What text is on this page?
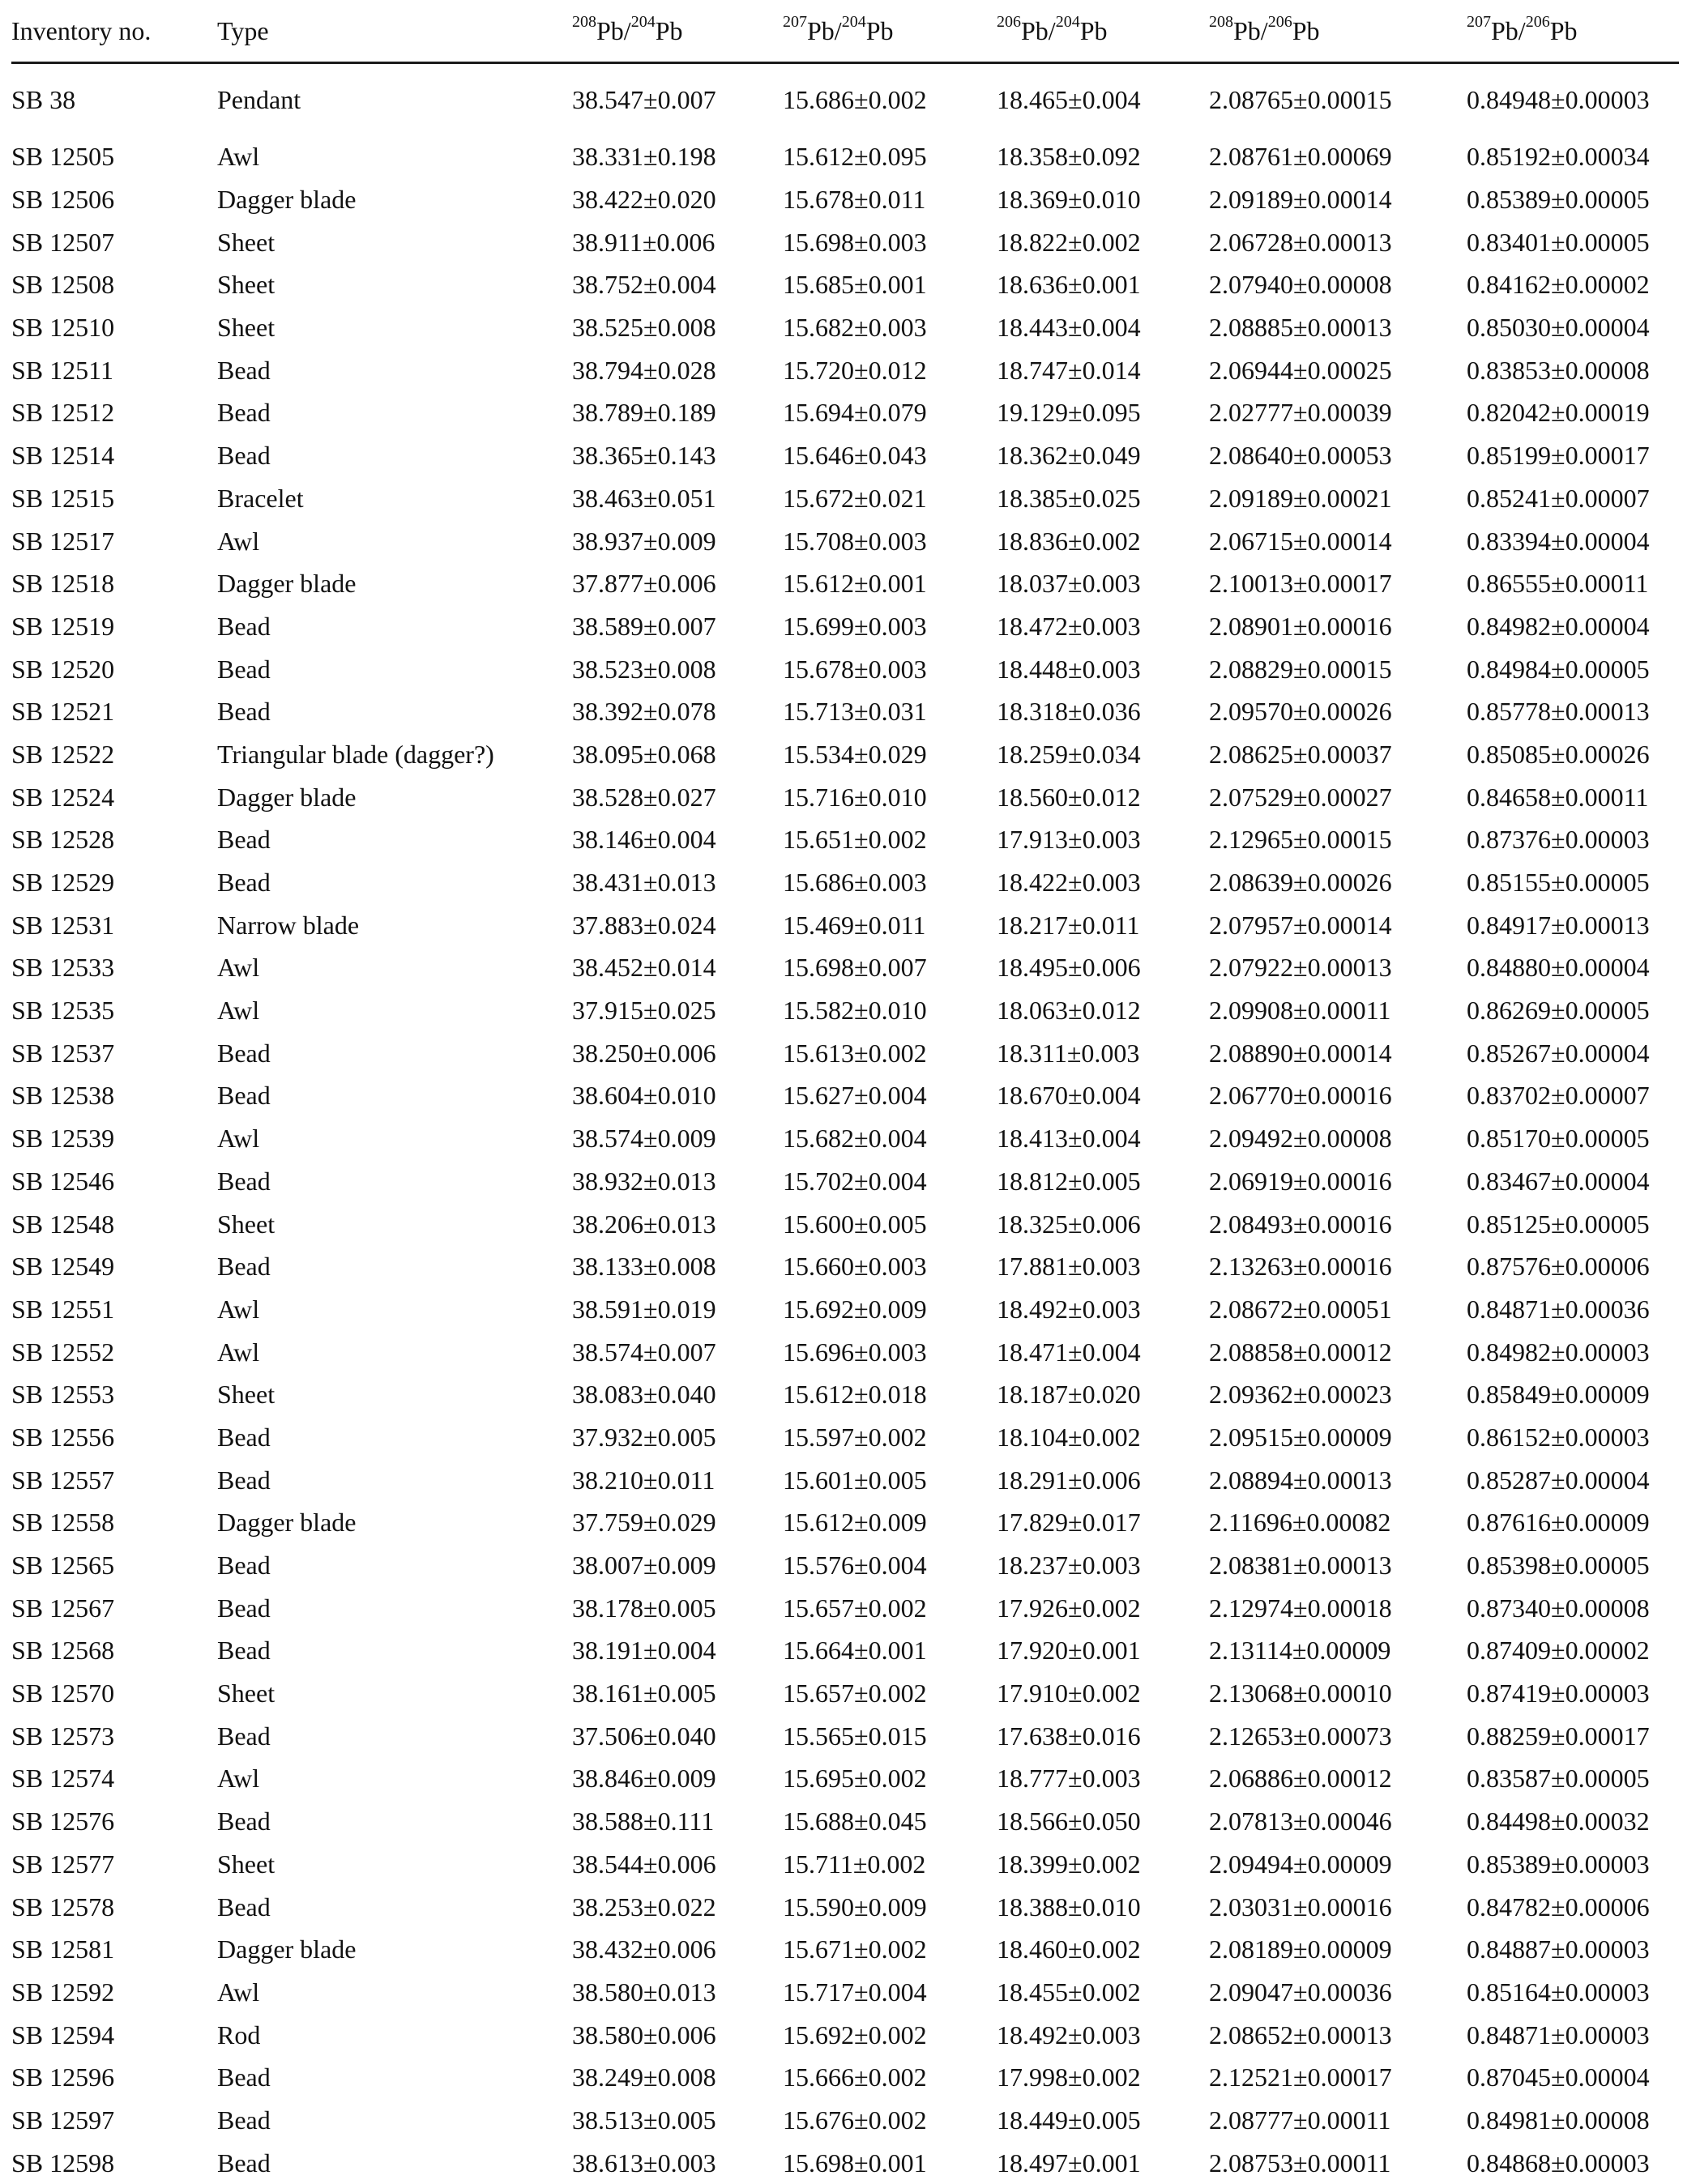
Inventory no.	Type	$^{208}$Pb/$^{204}$Pb	$^{207}$Pb/$^{204}$Pb	$^{206}$Pb/$^{204}$Pb	$^{208}$Pb/$^{206}$Pb	$^{207}$Pb/$^{206}$Pb
SB 38	Pendant	38.547±0.007	15.686±0.002	18.465±0.004	2.08765±0.00015	0.84948±0.00003
SB 12505	Awl	38.331±0.198	15.612±0.095	18.358±0.092	2.08761±0.00069	0.85192±0.00034
SB 12506	Dagger blade	38.422±0.020	15.678±0.011	18.369±0.010	2.09189±0.00014	0.85389±0.00005
SB 12507	Sheet	38.911±0.006	15.698±0.003	18.822±0.002	2.06728±0.00013	0.83401±0.00005
SB 12508	Sheet	38.752±0.004	15.685±0.001	18.636±0.001	2.07940±0.00008	0.84162±0.00002
SB 12510	Sheet	38.525±0.008	15.682±0.003	18.443±0.004	2.08885±0.00013	0.85030±0.00004
SB 12511	Bead	38.794±0.028	15.720±0.012	18.747±0.014	2.06944±0.00025	0.83853±0.00008
SB 12512	Bead	38.789±0.189	15.694±0.079	19.129±0.095	2.02777±0.00039	0.82042±0.00019
SB 12514	Bead	38.365±0.143	15.646±0.043	18.362±0.049	2.08640±0.00053	0.85199±0.00017
SB 12515	Bracelet	38.463±0.051	15.672±0.021	18.385±0.025	2.09189±0.00021	0.85241±0.00007
SB 12517	Awl	38.937±0.009	15.708±0.003	18.836±0.002	2.06715±0.00014	0.83394±0.00004
SB 12518	Dagger blade	37.877±0.006	15.612±0.001	18.037±0.003	2.10013±0.00017	0.86555±0.00011
SB 12519	Bead	38.589±0.007	15.699±0.003	18.472±0.003	2.08901±0.00016	0.84982±0.00004
SB 12520	Bead	38.523±0.008	15.678±0.003	18.448±0.003	2.08829±0.00015	0.84984±0.00005
SB 12521	Bead	38.392±0.078	15.713±0.031	18.318±0.036	2.09570±0.00026	0.85778±0.00013
SB 12522	Triangular blade (dagger?)	38.095±0.068	15.534±0.029	18.259±0.034	2.08625±0.00037	0.85085±0.00026
SB 12524	Dagger blade	38.528±0.027	15.716±0.010	18.560±0.012	2.07529±0.00027	0.84658±0.00011
SB 12528	Bead	38.146±0.004	15.651±0.002	17.913±0.003	2.12965±0.00015	0.87376±0.00003
SB 12529	Bead	38.431±0.013	15.686±0.003	18.422±0.003	2.08639±0.00026	0.85155±0.00005
SB 12531	Narrow blade	37.883±0.024	15.469±0.011	18.217±0.011	2.07957±0.00014	0.84917±0.00013
SB 12533	Awl	38.452±0.014	15.698±0.007	18.495±0.006	2.07922±0.00013	0.84880±0.00004
SB 12535	Awl	37.915±0.025	15.582±0.010	18.063±0.012	2.09908±0.00011	0.86269±0.00005
SB 12537	Bead	38.250±0.006	15.613±0.002	18.311±0.003	2.08890±0.00014	0.85267±0.00004
SB 12538	Bead	38.604±0.010	15.627±0.004	18.670±0.004	2.06770±0.00016	0.83702±0.00007
SB 12539	Awl	38.574±0.009	15.682±0.004	18.413±0.004	2.09492±0.00008	0.85170±0.00005
SB 12546	Bead	38.932±0.013	15.702±0.004	18.812±0.005	2.06919±0.00016	0.83467±0.00004
SB 12548	Sheet	38.206±0.013	15.600±0.005	18.325±0.006	2.08493±0.00016	0.85125±0.00005
SB 12549	Bead	38.133±0.008	15.660±0.003	17.881±0.003	2.13263±0.00016	0.87576±0.00006
SB 12551	Awl	38.591±0.019	15.692±0.009	18.492±0.003	2.08672±0.00051	0.84871±0.00036
SB 12552	Awl	38.574±0.007	15.696±0.003	18.471±0.004	2.08858±0.00012	0.84982±0.00003
SB 12553	Sheet	38.083±0.040	15.612±0.018	18.187±0.020	2.09362±0.00023	0.85849±0.00009
SB 12556	Bead	37.932±0.005	15.597±0.002	18.104±0.002	2.09515±0.00009	0.86152±0.00003
SB 12557	Bead	38.210±0.011	15.601±0.005	18.291±0.006	2.08894±0.00013	0.85287±0.00004
SB 12558	Dagger blade	37.759±0.029	15.612±0.009	17.829±0.017	2.11696±0.00082	0.87616±0.00009
SB 12565	Bead	38.007±0.009	15.576±0.004	18.237±0.003	2.08381±0.00013	0.85398±0.00005
SB 12567	Bead	38.178±0.005	15.657±0.002	17.926±0.002	2.12974±0.00018	0.87340±0.00008
SB 12568	Bead	38.191±0.004	15.664±0.001	17.920±0.001	2.13114±0.00009	0.87409±0.00002
SB 12570	Sheet	38.161±0.005	15.657±0.002	17.910±0.002	2.13068±0.00010	0.87419±0.00003
SB 12573	Bead	37.506±0.040	15.565±0.015	17.638±0.016	2.12653±0.00073	0.88259±0.00017
SB 12574	Awl	38.846±0.009	15.695±0.002	18.777±0.003	2.06886±0.00012	0.83587±0.00005
SB 12576	Bead	38.588±0.111	15.688±0.045	18.566±0.050	2.07813±0.00046	0.84498±0.00032
SB 12577	Sheet	38.544±0.006	15.711±0.002	18.399±0.002	2.09494±0.00009	0.85389±0.00003
SB 12578	Bead	38.253±0.022	15.590±0.009	18.388±0.010	2.03031±0.00016	0.84782±0.00006
SB 12581	Dagger blade	38.432±0.006	15.671±0.002	18.460±0.002	2.08189±0.00009	0.84887±0.00003
SB 12592	Awl	38.580±0.013	15.717±0.004	18.455±0.002	2.09047±0.00036	0.85164±0.00003
SB 12594	Rod	38.580±0.006	15.692±0.002	18.492±0.003	2.08652±0.00013	0.84871±0.00003
SB 12596	Bead	38.249±0.008	15.666±0.002	17.998±0.002	2.12521±0.00017	0.87045±0.00004
SB 12597	Bead	38.513±0.005	15.676±0.002	18.449±0.005	2.08777±0.00011	0.84981±0.00008
SB 12598	Bead	38.613±0.003	15.698±0.001	18.497±0.001	2.08753±0.00011	0.84868±0.00003
